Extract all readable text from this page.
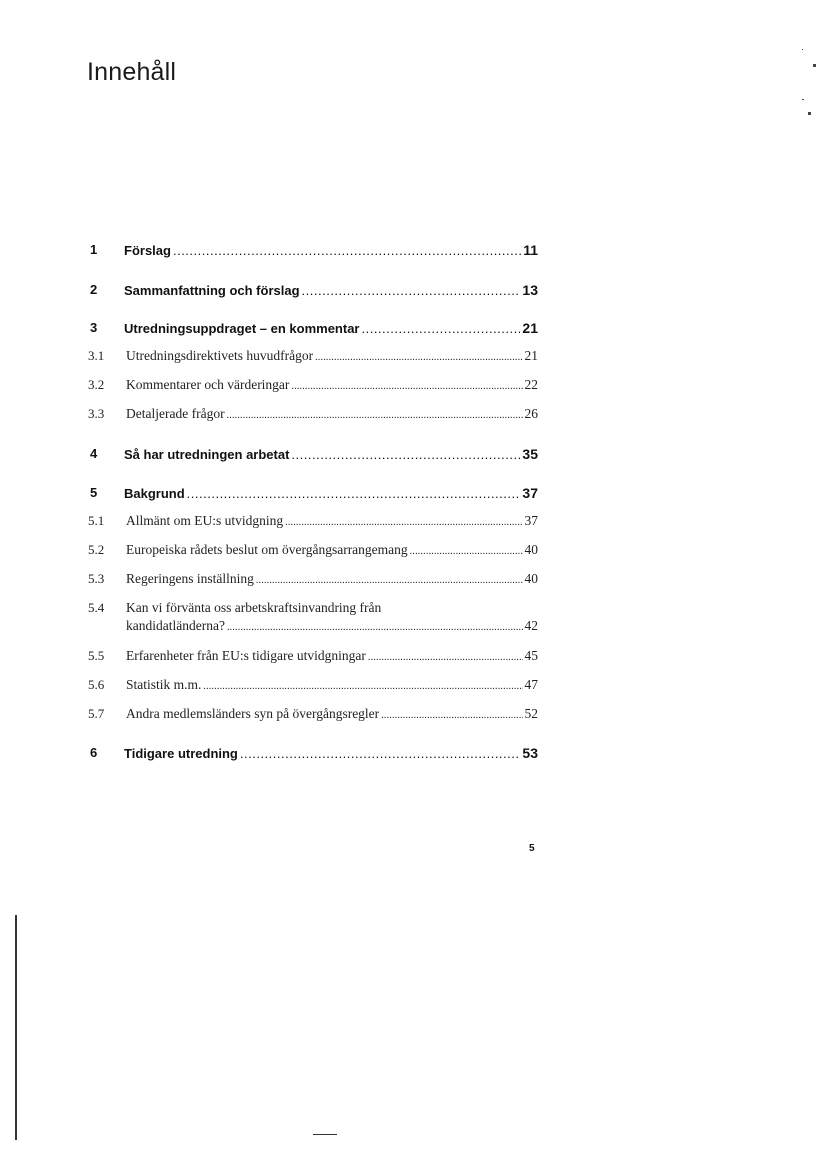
Innehåll
1 Förslag .....	11
2 Sammanfattning och förslag .....	13
3 Utredningsuppdraget – en kommentar .....	21
3.1 Utredningsdirektivets huvudfrågor .....	21
3.2 Kommentarer och värderingar .....	22
3.3 Detaljerade frågor .....	26
4 Så har utredningen arbetat .....	35
5 Bakgrund .....	37
5.1 Allmänt om EU:s utvidgning .....	37
5.2 Europeiska rådets beslut om övergångsarrangemang .....	40
5.3 Regeringens inställning .....	40
5.4 Kan vi förvänta oss arbetskraftsinvandring från
kandidatländerna? .....	42
5.5 Erfarenheter från EU:s tidigare utvidgningar .....	45
5.6 Statistik m.m. .....	47
5.7 Andra medlemsländers syn på övergångsregler .....	52
6 Tidigare utredning .....	53
5
